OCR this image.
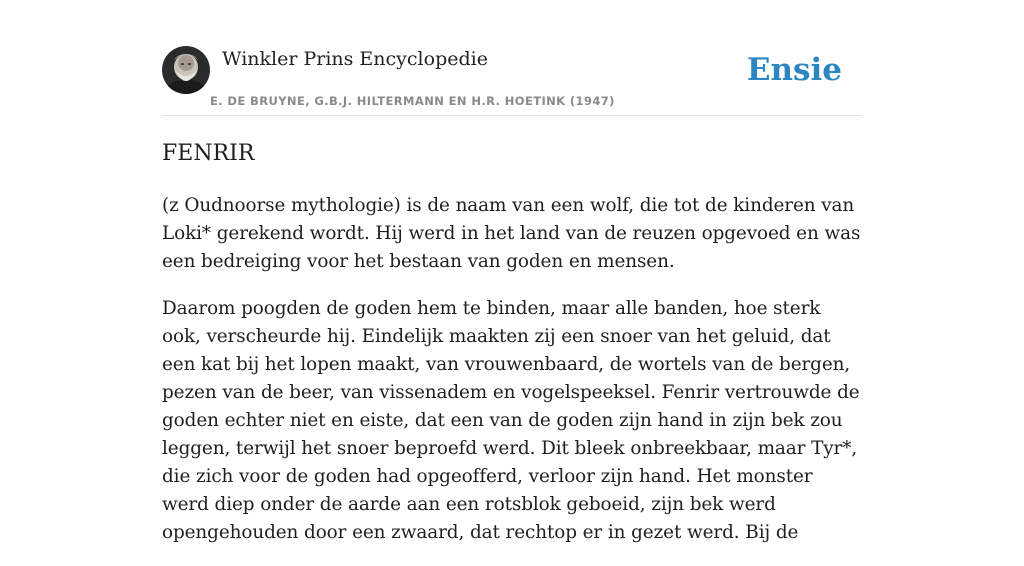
Winkler Prins Encyclopedie
E. DE BRUYNE, G.B.J. HILTERMANN EN H.R. HOETINK (1947)
Ensie
FENRIR

(z Oudnoorse mythologie) is de naam van een wolf, die tot de kinderen van Loki* gerekend wordt. Hij werd in het land van de reuzen opgevoed en was een bedreiging voor het bestaan van goden en mensen.

Daarom poogden de goden hem te binden, maar alle banden, hoe sterk ook, verscheurde hij. Eindelijk maakten zij een snoer van het geluid, dat een kat bij het lopen maakt, van vrouwenbaard, de wortels van de bergen, pezen van de beer, van vissenadem en vogelspeeksel. Fenrir vertrouwde de goden echter niet en eiste, dat een van de goden zijn hand in zijn bek zou leggen, terwijl het snoer beproefd werd. Dit bleek onbreekbaar, maar Tyr*, die zich voor de goden had opgeofferd, verloor zijn hand. Het monster werd diep onder de aarde aan een rotsblok geboeid, zijn bek werd opengehouden door een zwaard, dat rechtop er in gezet werd. Bij de
